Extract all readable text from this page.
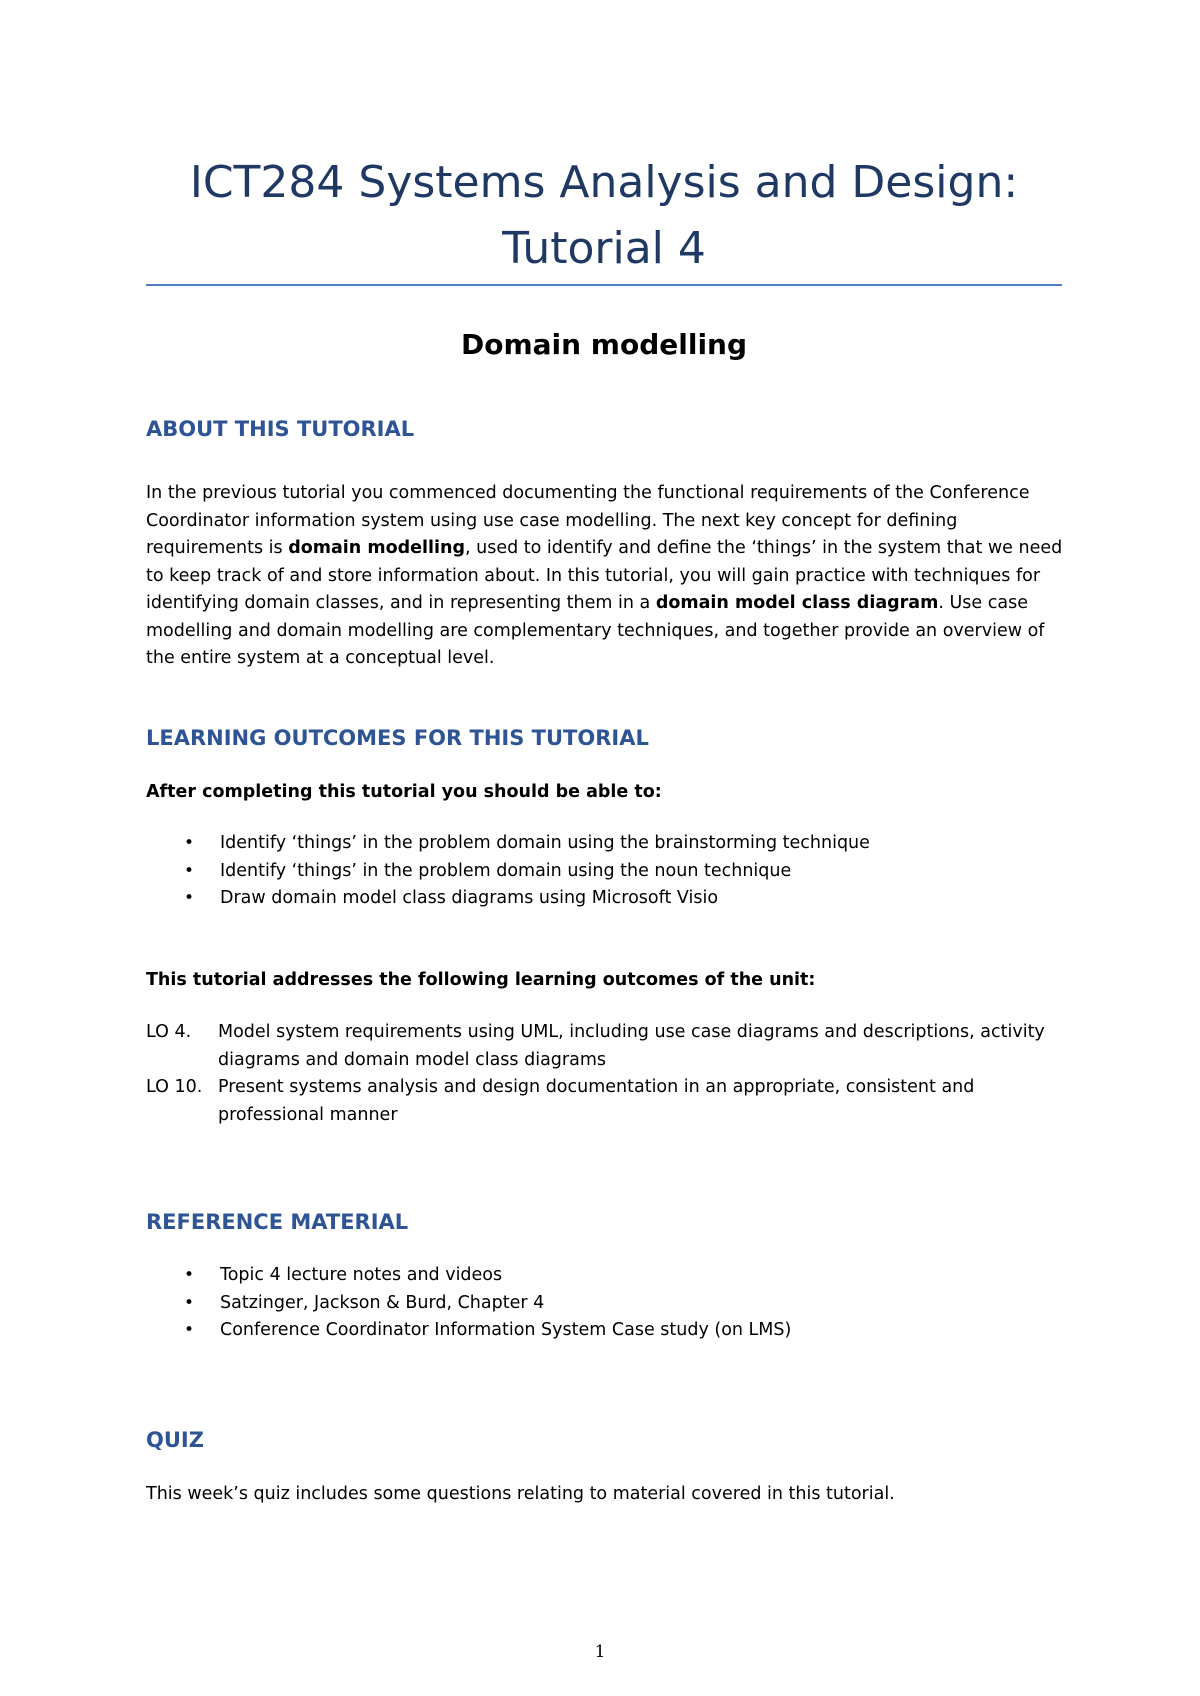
ICT284 Systems Analysis and Design:
Tutorial 4
Domain modelling
ABOUT THIS TUTORIAL

In the previous tutorial you commenced documenting the functional requirements of the Conference Coordinator information system using use case modelling. The next key concept for defining requirements is domain modelling, used to identify and define the ‘things’ in the system that we need to keep track of and store information about. In this tutorial, you will gain practice with techniques for identifying domain classes, and in representing them in a domain model class diagram. Use case modelling and domain modelling are complementary techniques, and together provide an overview of the entire system at a conceptual level.

LEARNING OUTCOMES FOR THIS TUTORIAL

After completing this tutorial you should be able to:

• Identify ‘things’ in the problem domain using the brainstorming technique
• Identify ‘things’ in the problem domain using the noun technique
• Draw domain model class diagrams using Microsoft Visio

This tutorial addresses the following learning outcomes of the unit:

LO 4.	Model system requirements using UML, including use case diagrams and descriptions, activity diagrams and domain model class diagrams
LO 10. Present systems analysis and design documentation in an appropriate, consistent and professional manner
REFERENCE MATERIAL
• Topic 4 lecture notes and videos
• Satzinger, Jackson & Burd, Chapter 4
• Conference Coordinator Information System Case study (on LMS)
QUIZ

This week’s quiz includes some questions relating to material covered in this tutorial.

1
